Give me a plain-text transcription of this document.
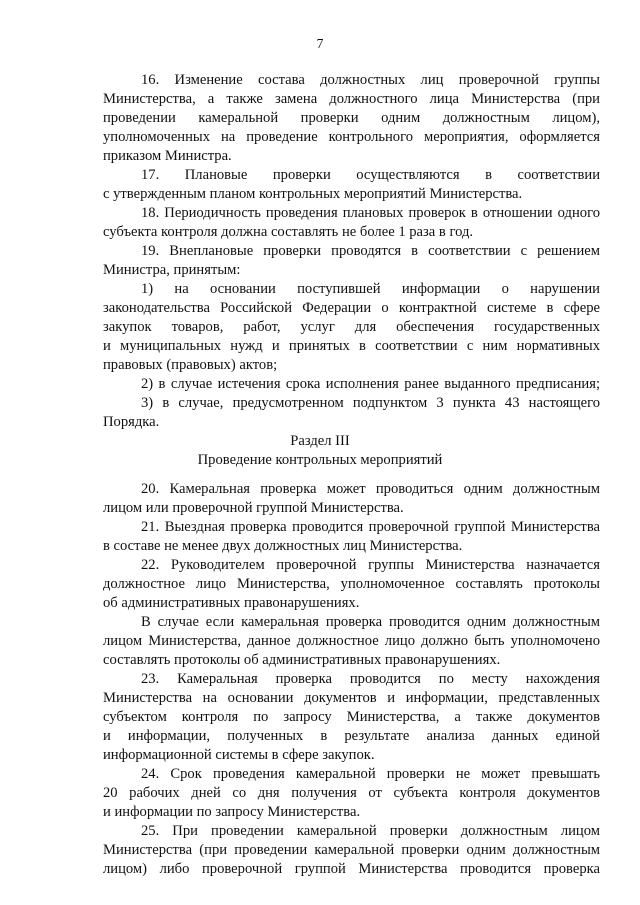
7
16. Изменение состава должностных лиц проверочной группы
Министерства, а также замена должностного лица Министерства (при
проведении камеральной проверки одним должностным лицом),
уполномоченных на проведение контрольного мероприятия, оформляется
приказом Министра.
17. Плановые проверки осуществляются в соответствии
с утвержденным планом контрольных мероприятий Министерства.
18. Периодичность проведения плановых проверок в отношении одного
субъекта контроля должна составлять не более 1 раза в год.
19. Внеплановые проверки проводятся в соответствии с решением
Министра, принятым:
1) на основании поступившей информации о нарушении
законодательства Российской Федерации о контрактной системе в сфере
закупок товаров, работ, услуг для обеспечения государственных
и муниципальных нужд и принятых в соответствии с ним нормативных
правовых (правовых) актов;
2) в случае истечения срока исполнения ранее выданного предписания;
3) в случае, предусмотренном подпунктом 3 пункта 43 настоящего
Порядка.
Раздел III
Проведение контрольных мероприятий
20. Камеральная проверка может проводиться одним должностным
лицом или проверочной группой Министерства.
21. Выездная проверка проводится проверочной группой Министерства
в составе не менее двух должностных лиц Министерства.
22. Руководителем проверочной группы Министерства назначается
должностное лицо Министерства, уполномоченное составлять протоколы
об административных правонарушениях.
В случае если камеральная проверка проводится одним должностным
лицом Министерства, данное должностное лицо должно быть уполномочено
составлять протоколы об административных правонарушениях.
23. Камеральная проверка проводится по месту нахождения
Министерства на основании документов и информации, представленных
субъектом контроля по запросу Министерства, а также документов
и информации, полученных в результате анализа данных единой
информационной системы в сфере закупок.
24. Срок проведения камеральной проверки не может превышать
20 рабочих дней со дня получения от субъекта контроля документов
и информации по запросу Министерства.
25. При проведении камеральной проверки должностным лицом
Министерства (при проведении камеральной проверки одним должностным
лицом) либо проверочной группой Министерства проводится проверка
